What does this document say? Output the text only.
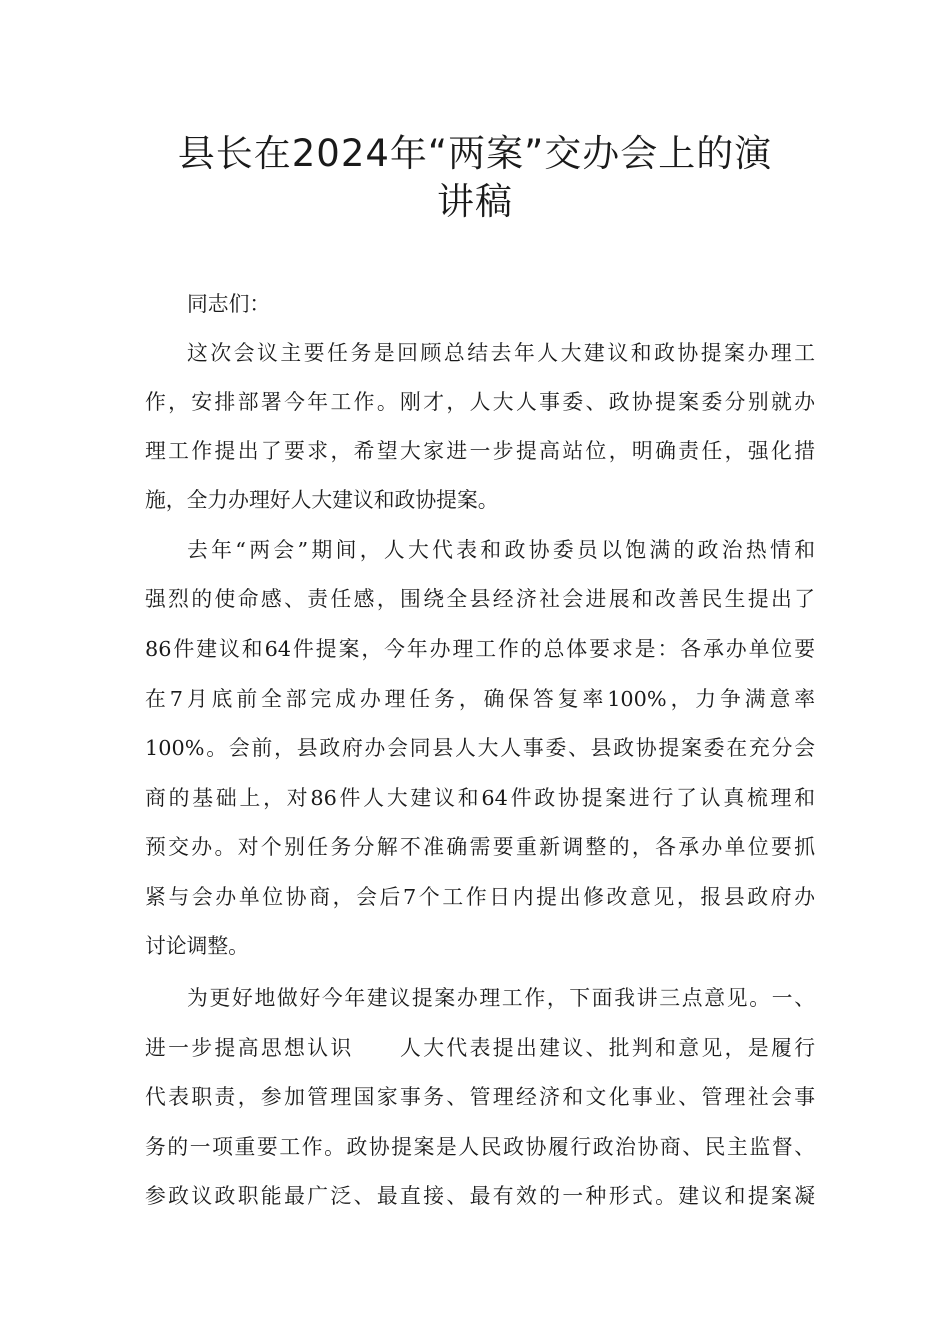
县长在2024年“两案”交办会上的演
讲稿
同志们：
这次会议主要任务是回顾总结去年人大建议和政协提案办理工
作，安排部署今年工作。刚才，人大人事委、政协提案委分别就办
理工作提出了要求，希望大家进一步提高站位，明确责任，强化措
施，全力办理好人大建议和政协提案。
去年“两会”期间，人大代表和政协委员以饱满的政治热情和
强烈的使命感、责任感，围绕全县经济社会进展和改善民生提出了
86件建议和64件提案，今年办理工作的总体要求是：各承办单位要
在7月底前全部完成办理任务，确保答复率100%，力争满意率
100%。会前，县政府办会同县人大人事委、县政协提案委在充分会
商的基础上，对86件人大建议和64件政协提案进行了认真梳理和
预交办。对个别任务分解不准确需要重新调整的，各承办单位要抓
紧与会办单位协商，会后7个工作日内提出修改意见，报县政府办
讨论调整。
为更好地做好今年建议提案办理工作，下面我讲三点意见。一、
进一步提高思想认识　　人大代表提出建议、批判和意见，是履行
代表职责，参加管理国家事务、管理经济和文化事业、管理社会事
务的一项重要工作。政协提案是人民政协履行政治协商、民主监督、
参政议政职能最广泛、最直接、最有效的一种形式。建议和提案凝
